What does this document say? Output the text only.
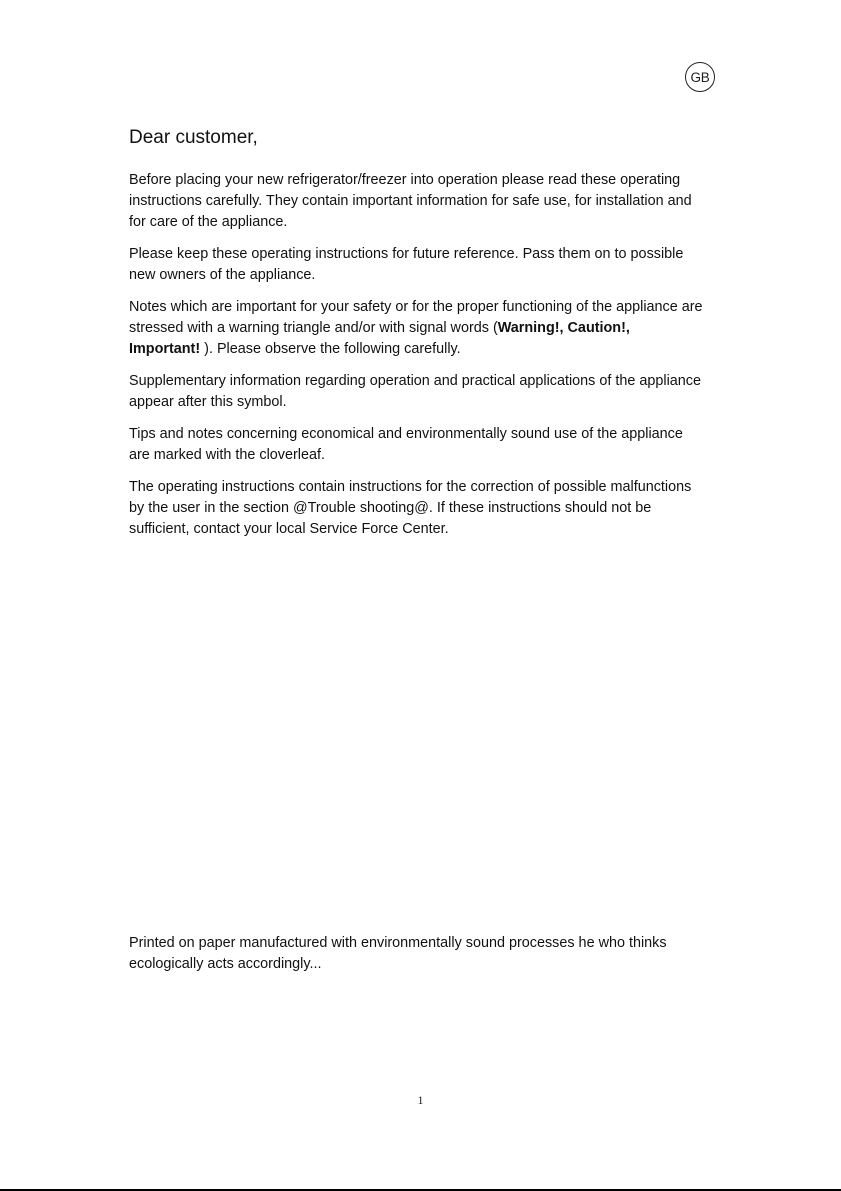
GB
Dear customer,

Before placing your new refrigerator/freezer into operation please read these operating instructions carefully. They contain important information for safe use, for installation and for care of the appliance.

Please keep these operating instructions for future reference. Pass them on to possible new owners of the appliance.

Notes which are important for your safety or for the proper functioning of the appliance are stressed with a warning triangle and/or with signal words (Warning!, Caution!, Important! ). Please observe the following carefully.

Supplementary information regarding operation and practical applications of the appliance appear after this symbol.

Tips and notes concerning economical and environmentally sound use of the appliance are marked with the cloverleaf.

The operating instructions contain instructions for the correction of possible malfunctions by the user in the section @Trouble shooting@. If these instructions should not be sufficient, contact your local Service Force Center.

Printed on paper manufactured with environmentally sound processes he who thinks ecologically acts accordingly...

1
